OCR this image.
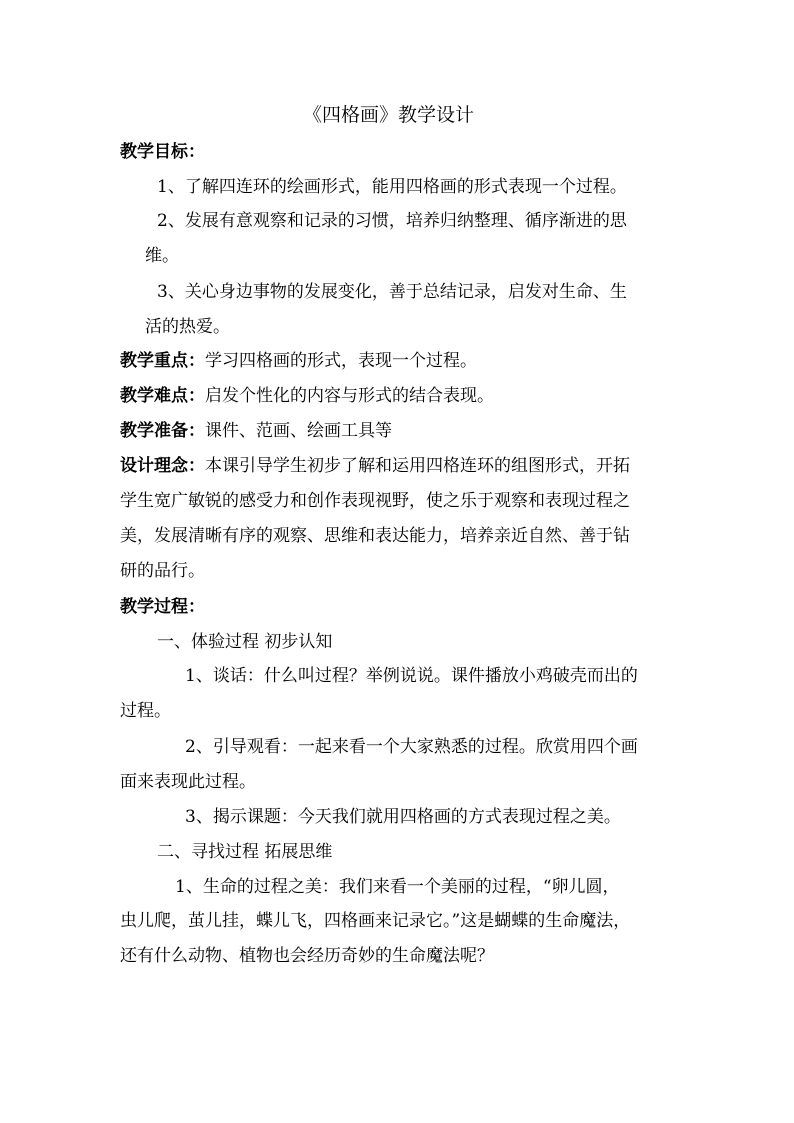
《四格画》教学设计
教学目标：
1、了解四连环的绘画形式，能用四格画的形式表现一个过程。
2、发展有意观察和记录的习惯，培养归纳整理、循序渐进的思
维。
3、关心身边事物的发展变化，善于总结记录，启发对生命、生
活的热爱。
教学重点：学习四格画的形式，表现一个过程。
教学难点：启发个性化的内容与形式的结合表现。
教学准备：课件、范画、绘画工具等
设计理念：本课引导学生初步了解和运用四格连环的组图形式，开拓
学生宽广敏锐的感受力和创作表现视野，使之乐于观察和表现过程之
美，发展清晰有序的观察、思维和表达能力，培养亲近自然、善于钻
研的品行。
教学过程：
一、体验过程 初步认知
1、谈话：什么叫过程？举例说说。课件播放小鸡破壳而出的
过程。
2、引导观看：一起来看一个大家熟悉的过程。欣赏用四个画
面来表现此过程。
3、揭示课题：今天我们就用四格画的方式表现过程之美。
二、寻找过程 拓展思维
1、生命的过程之美：我们来看一个美丽的过程，“卵儿圆，
虫儿爬，茧儿挂，蝶儿飞，四格画来记录它。”这是蝴蝶的生命魔法，
还有什么动物、植物也会经历奇妙的生命魔法呢？
